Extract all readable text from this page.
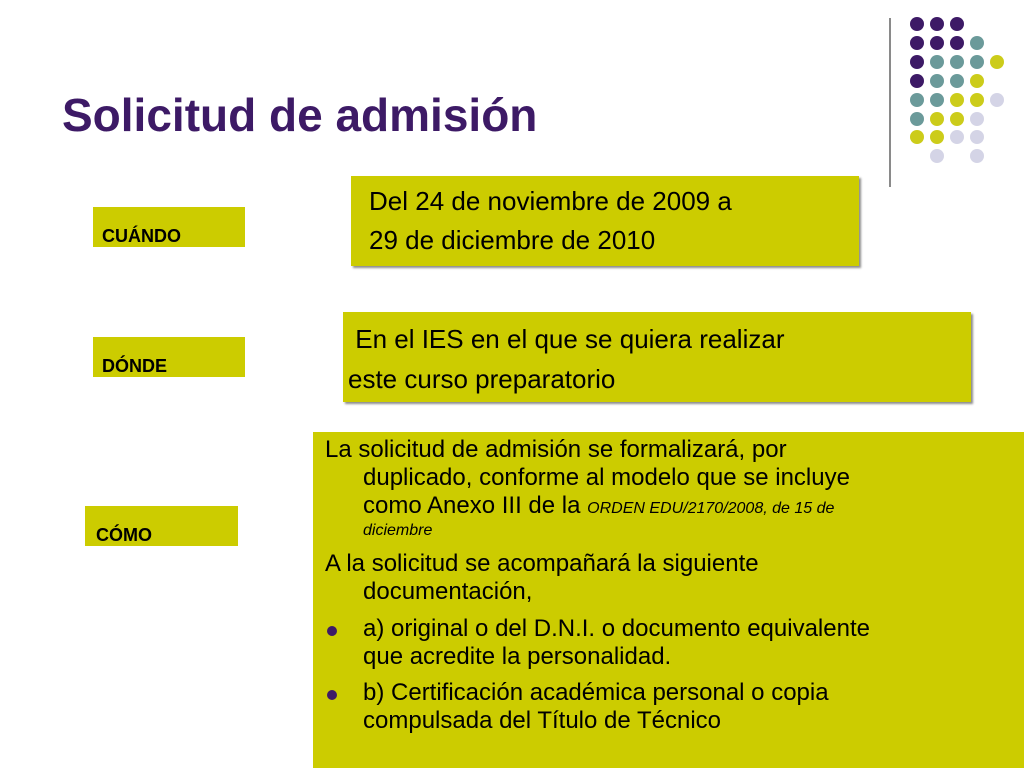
Solicitud de admisión
CUÁNDO
Del 24 de noviembre de 2009 a
29 de diciembre de 2010
DÓNDE
En el IES en el que se quiera realizar
este curso preparatorio
CÓMO
La solicitud de admisión se formalizará, por
duplicado, conforme al modelo que se incluye
como Anexo III de la ORDEN EDU/2170/2008, de 15 de
diciembre
A la solicitud se acompañará la siguiente
documentación,
a) original o del D.N.I. o documento equivalente
que acredite la personalidad.
b) Certificación académica personal o copia
compulsada del Título de Técnico
